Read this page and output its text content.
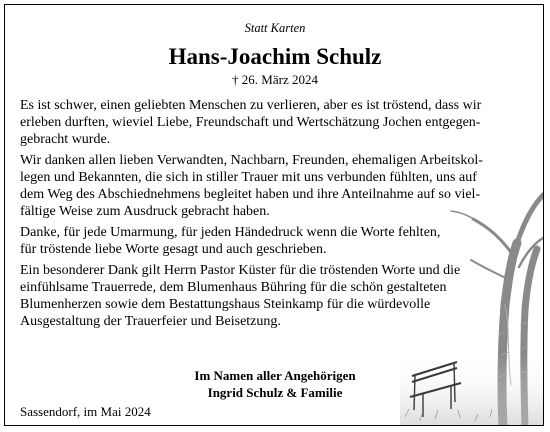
Statt Karten
Hans-Joachim Schulz
† 26. März 2024

Es ist schwer, einen geliebten Menschen zu verlieren, aber es ist tröstend, dass wir
erleben durften, wieviel Liebe, Freundschaft und Wertschätzung Jochen entgegen-
gebracht wurde.

Wir danken allen lieben Verwandten, Nachbarn, Freunden, ehemaligen Arbeitskol-
legen und Bekannten, die sich in stiller Trauer mit uns verbunden fühlten, uns auf
dem Weg des Abschiednehmens begleitet haben und ihre Anteilnahme auf so viel-
fältige Weise zum Ausdruck gebracht haben.

Danke, für jede Umarmung, für jeden Händedruck wenn die Worte fehlten,
für tröstende liebe Worte gesagt und auch geschrieben.

Ein besonderer Dank gilt Herrn Pastor Küster für die tröstenden Worte und die
einfühlsame Trauerrede, dem Blumenhaus Bühring für die schön gestalteten
Blumenherzen sowie dem Bestattungshaus Steinkamp für die würdevolle
Ausgestaltung der Trauerfeier und Beisetzung.

Im Namen aller Angehörigen
Ingrid Schulz & Familie
Sassendorf, im Mai 2024
